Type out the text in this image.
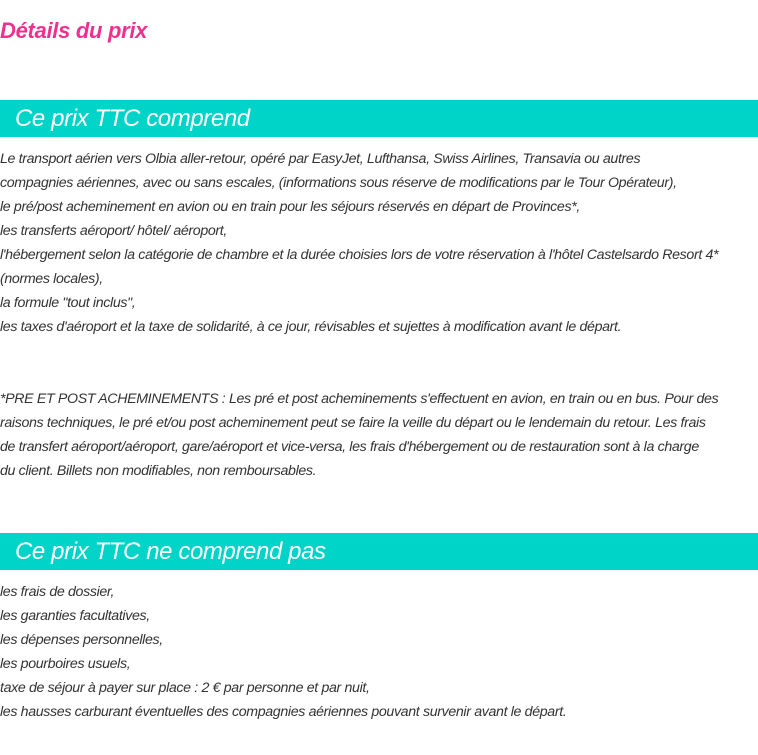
Détails du prix
Ce prix TTC comprend

Le transport aérien vers Olbia aller-retour, opéré par EasyJet, Lufthansa, Swiss Airlines, Transavia ou autres

compagnies aériennes, avec ou sans escales, (informations sous réserve de modifications par le Tour Opérateur),

le pré/post acheminement en avion ou en train pour les séjours réservés en départ de Provinces*,

les transferts aéroport/ hôtel/ aéroport,

l'hébergement selon la catégorie de chambre et la durée choisies lors de votre réservation à l'hôtel Castelsardo Resort 4*

(normes locales),

la formule "tout inclus",

les taxes d'aéroport et la taxe de solidarité, à ce jour, révisables et sujettes à modification avant le départ.

*PRE ET POST ACHEMINEMENTS : Les pré et post acheminements s'effectuent en avion, en train ou en bus. Pour des

raisons techniques, le pré et/ou post acheminement peut se faire la veille du départ ou le lendemain du retour. Les frais

de transfert aéroport/aéroport, gare/aéroport et vice-versa, les frais d'hébergement ou de restauration sont à la charge

du client. Billets non modifiables, non remboursables.

Ce prix TTC ne comprend pas

les frais de dossier,

les garanties facultatives,

les dépenses personnelles,

les pourboires usuels,

taxe de séjour à payer sur place : 2 € par personne et par nuit,

les hausses carburant éventuelles des compagnies aériennes pouvant survenir avant le départ.
